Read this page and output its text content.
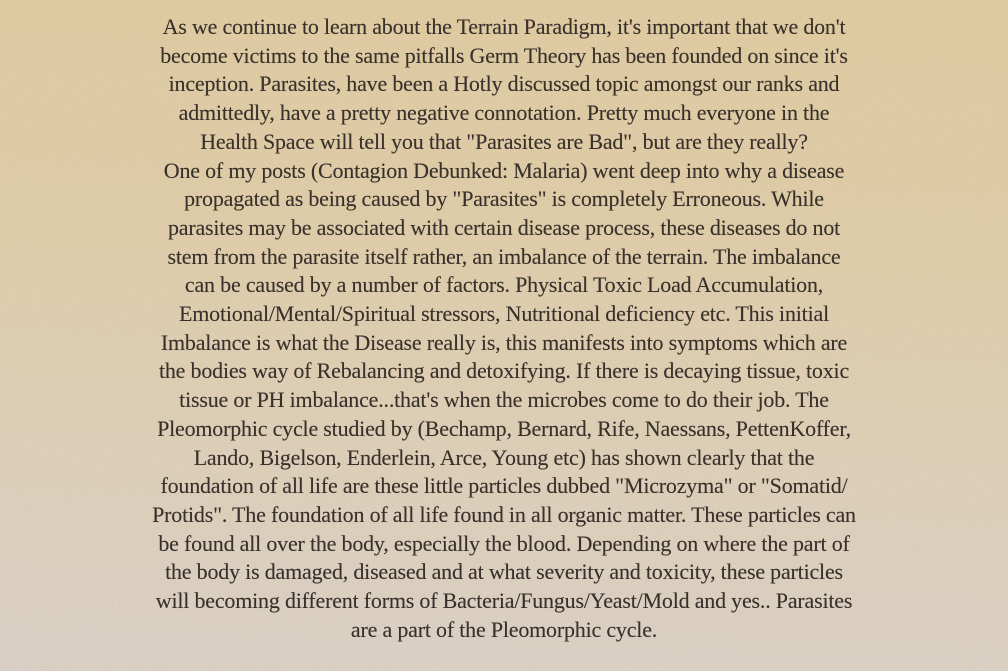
As we continue to learn about the Terrain Paradigm, it's important that we don't
become victims to the same pitfalls Germ Theory has been founded on since it's
inception. Parasites, have been a Hotly discussed topic amongst our ranks and
admittedly, have a pretty negative connotation. Pretty much everyone in the
Health Space will tell you that "Parasites are Bad", but are they really?
One of my posts (Contagion Debunked: Malaria) went deep into why a disease
propagated as being caused by "Parasites" is completely Erroneous. While
parasites may be associated with certain disease process, these diseases do not
stem from the parasite itself rather, an imbalance of the terrain. The imbalance
can be caused by a number of factors. Physical Toxic Load Accumulation,
Emotional/Mental/Spiritual stressors, Nutritional deficiency etc. This initial
Imbalance is what the Disease really is, this manifests into symptoms which are
the bodies way of Rebalancing and detoxifying. If there is decaying tissue, toxic
tissue or PH imbalance...that's when the microbes come to do their job. The
Pleomorphic cycle studied by (Bechamp, Bernard, Rife, Naessans, PettenKoffer,
Lando, Bigelson, Enderlein, Arce, Young etc) has shown clearly that the
foundation of all life are these little particles dubbed "Microzyma" or "Somatid/
Protids". The foundation of all life found in all organic matter. These particles can
be found all over the body, especially the blood. Depending on where the part of
the body is damaged, diseased and at what severity and toxicity, these particles
will becoming different forms of Bacteria/Fungus/Yeast/Mold and yes.. Parasites
are a part of the Pleomorphic cycle.
